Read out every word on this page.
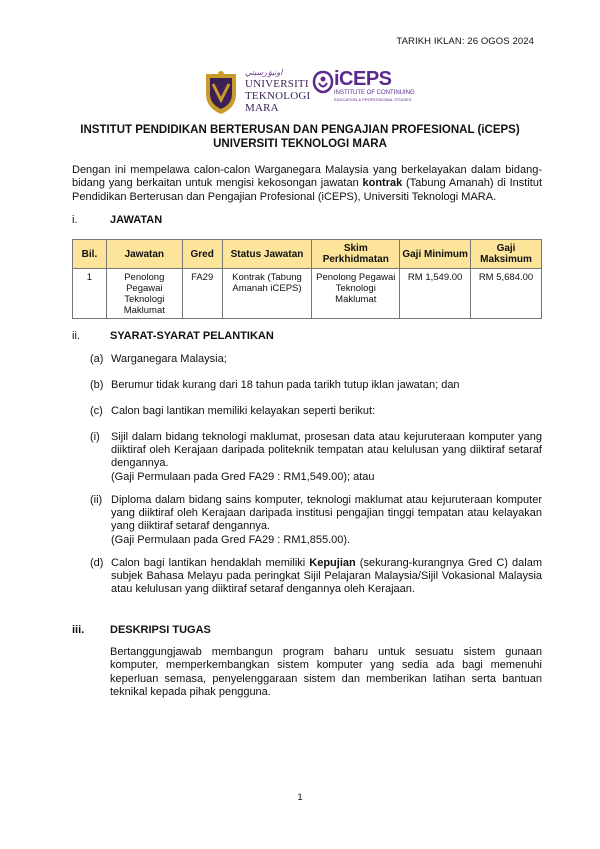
TARIKH IKLAN: 26 OGOS 2024
اونيۏرسيتي
UNIVERSITI
TEKNOLOGI
MARA
iCEPS
INSTITUTE OF CONTINUING
EDUCATION & PROFESSIONAL STUDIES
INSTITUT PENDIDIKAN BERTERUSAN DAN PENGAJIAN PROFESIONAL (iCEPS)
UNIVERSITI TEKNOLOGI MARA
Dengan ini mempelawa calon-calon Warganegara Malaysia yang berkelayakan dalam bidang-bidang yang berkaitan untuk mengisi kekosongan jawatan kontrak (Tabung Amanah) di Institut Pendidikan Berterusan dan Pengajian Profesional (iCEPS), Universiti Teknologi MARA.
i.	JAWATAN
Bil.	Jawatan	Gred	Status Jawatan	Skim Perkhidmatan	Gaji Minimum	Gaji Maksimum
1	Penolong Pegawai Teknologi Maklumat	FA29	Kontrak (Tabung Amanah iCEPS)	Penolong Pegawai Teknologi Maklumat	RM 1,549.00	RM 5,684.00
ii.	SYARAT-SYARAT PELANTIKAN
(a) Warganegara Malaysia;
(b) Berumur tidak kurang dari 18 tahun pada tarikh tutup iklan jawatan; dan
(c) Calon bagi lantikan memiliki kelayakan seperti berikut:
(i) Sijil dalam bidang teknologi maklumat, prosesan data atau kejuruteraan komputer yang diiktiraf oleh Kerajaan daripada politeknik tempatan atau kelulusan yang diiktiraf setaraf dengannya.
(Gaji Permulaan pada Gred FA29 : RM1,549.00); atau
(ii) Diploma dalam bidang sains komputer, teknologi maklumat atau kejuruteraan komputer yang diiktiraf oleh Kerajaan daripada institusi pengajian tinggi tempatan atau kelayakan yang diiktiraf setaraf dengannya.
(Gaji Permulaan pada Gred FA29 : RM1,855.00).
(d) Calon bagi lantikan hendaklah memiliki Kepujian (sekurang-kurangnya Gred C) dalam subjek Bahasa Melayu pada peringkat Sijil Pelajaran Malaysia/Sijil Vokasional Malaysia atau kelulusan yang diiktiraf setaraf dengannya oleh Kerajaan.
iii. DESKRIPSI TUGAS
Bertanggungjawab membangun program baharu untuk sesuatu sistem gunaan komputer, memperkembangkan sistem komputer yang sedia ada bagi memenuhi keperluan semasa, penyelenggaraan sistem dan memberikan latihan serta bantuan teknikal kepada pihak pengguna.
1
